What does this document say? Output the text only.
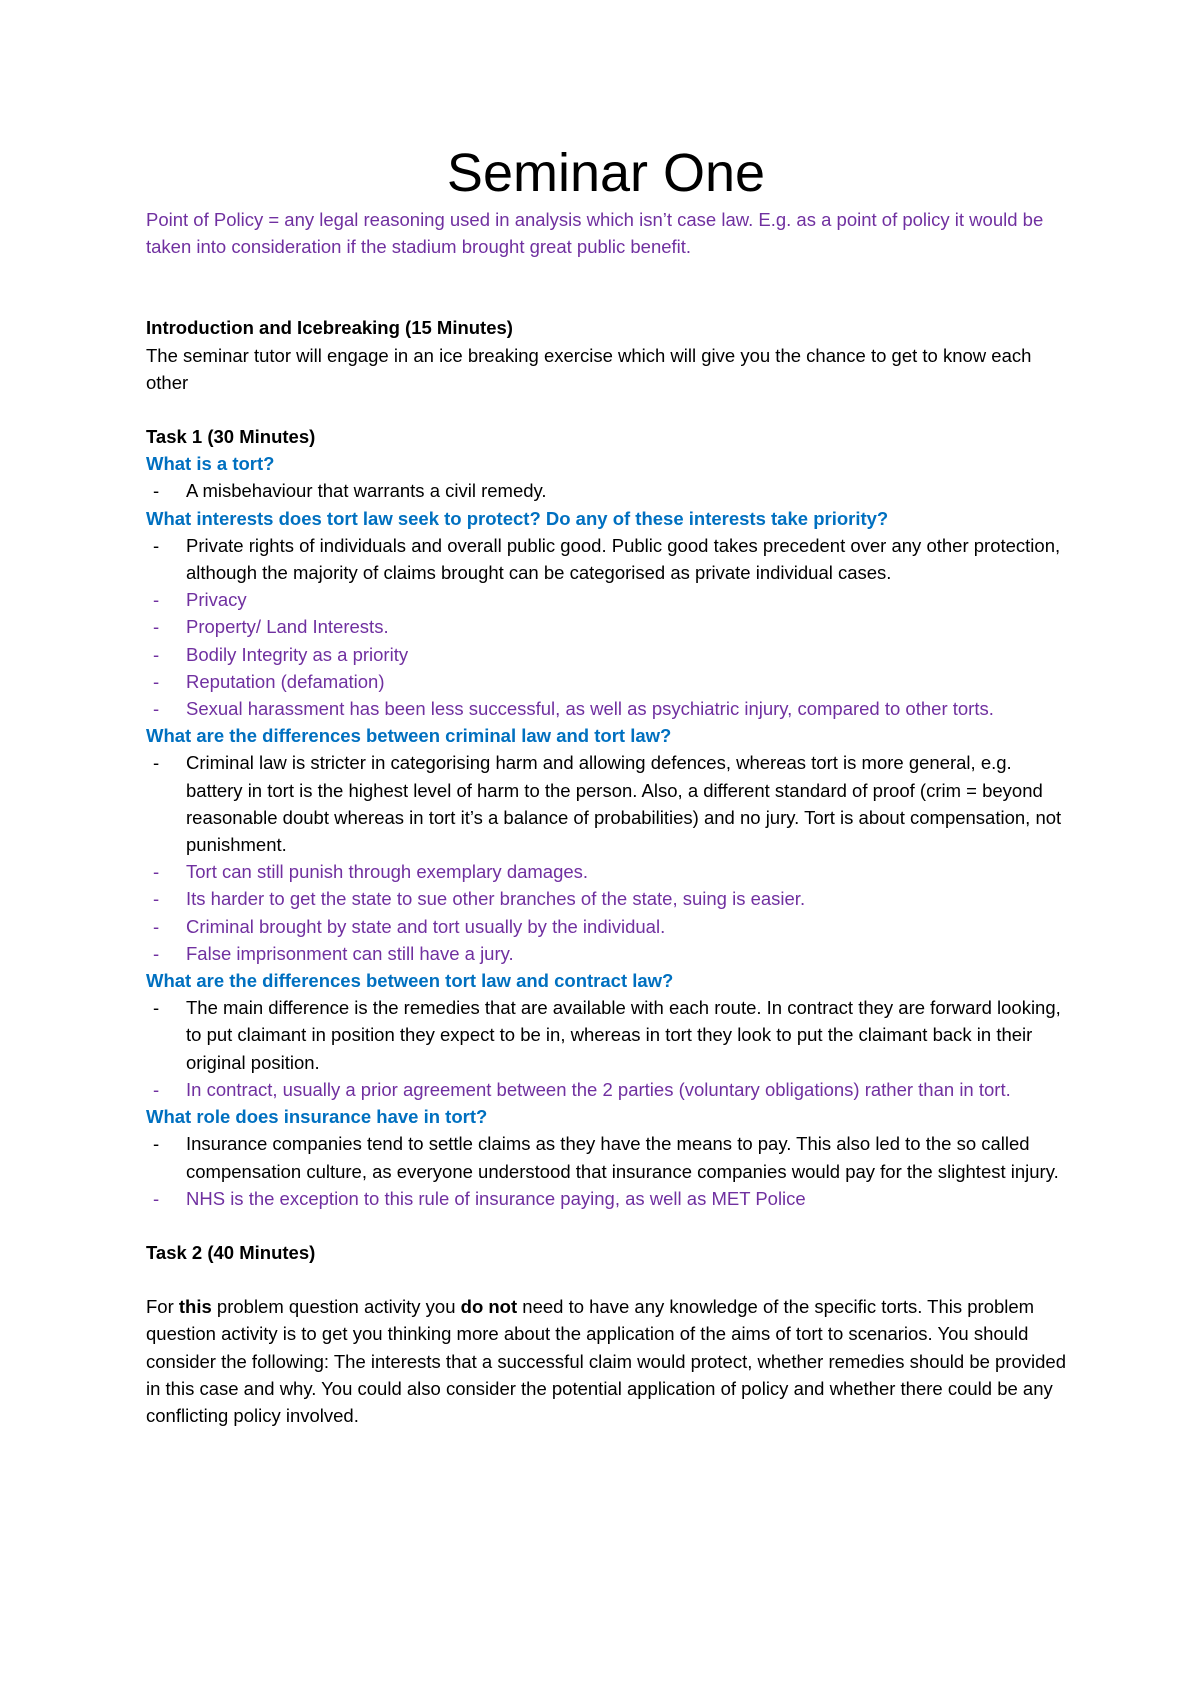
Seminar One

Point of Policy = any legal reasoning used in analysis which isn’t case law. E.g. as a point of policy it would be taken into consideration if the stadium brought great public benefit.

Introduction and Icebreaking (15 Minutes)

The seminar tutor will engage in an ice breaking exercise which will give you the chance to get to know each other

Task 1 (30 Minutes)

What is a tort?

- A misbehaviour that warrants a civil remedy.

What interests does tort law seek to protect? Do any of these interests take priority?

- Private rights of individuals and overall public good. Public good takes precedent over any other protection, although the majority of claims brought can be categorised as private individual cases.
- Privacy
- Property/ Land Interests.
- Bodily Integrity as a priority
- Reputation (defamation)
- Sexual harassment has been less successful, as well as psychiatric injury, compared to other torts.

What are the differences between criminal law and tort law?

- Criminal law is stricter in categorising harm and allowing defences, whereas tort is more general, e.g. battery in tort is the highest level of harm to the person. Also, a different standard of proof (crim = beyond reasonable doubt whereas in tort it’s a balance of probabilities) and no jury. Tort is about compensation, not punishment.
- Tort can still punish through exemplary damages.
- Its harder to get the state to sue other branches of the state, suing is easier.
- Criminal brought by state and tort usually by the individual.
- False imprisonment can still have a jury.

What are the differences between tort law and contract law?

- The main difference is the remedies that are available with each route. In contract they are forward looking, to put claimant in position they expect to be in, whereas in tort they look to put the claimant back in their original position.
- In contract, usually a prior agreement between the 2 parties (voluntary obligations) rather than in tort.

What role does insurance have in tort?

- Insurance companies tend to settle claims as they have the means to pay. This also led to the so called compensation culture, as everyone understood that insurance companies would pay for the slightest injury.
- NHS is the exception to this rule of insurance paying, as well as MET Police

Task 2 (40 Minutes)

For this problem question activity you do not need to have any knowledge of the specific torts. This problem question activity is to get you thinking more about the application of the aims of tort to scenarios. You should consider the following: The interests that a successful claim would protect, whether remedies should be provided in this case and why. You could also consider the potential application of policy and whether there could be any conflicting policy involved.
